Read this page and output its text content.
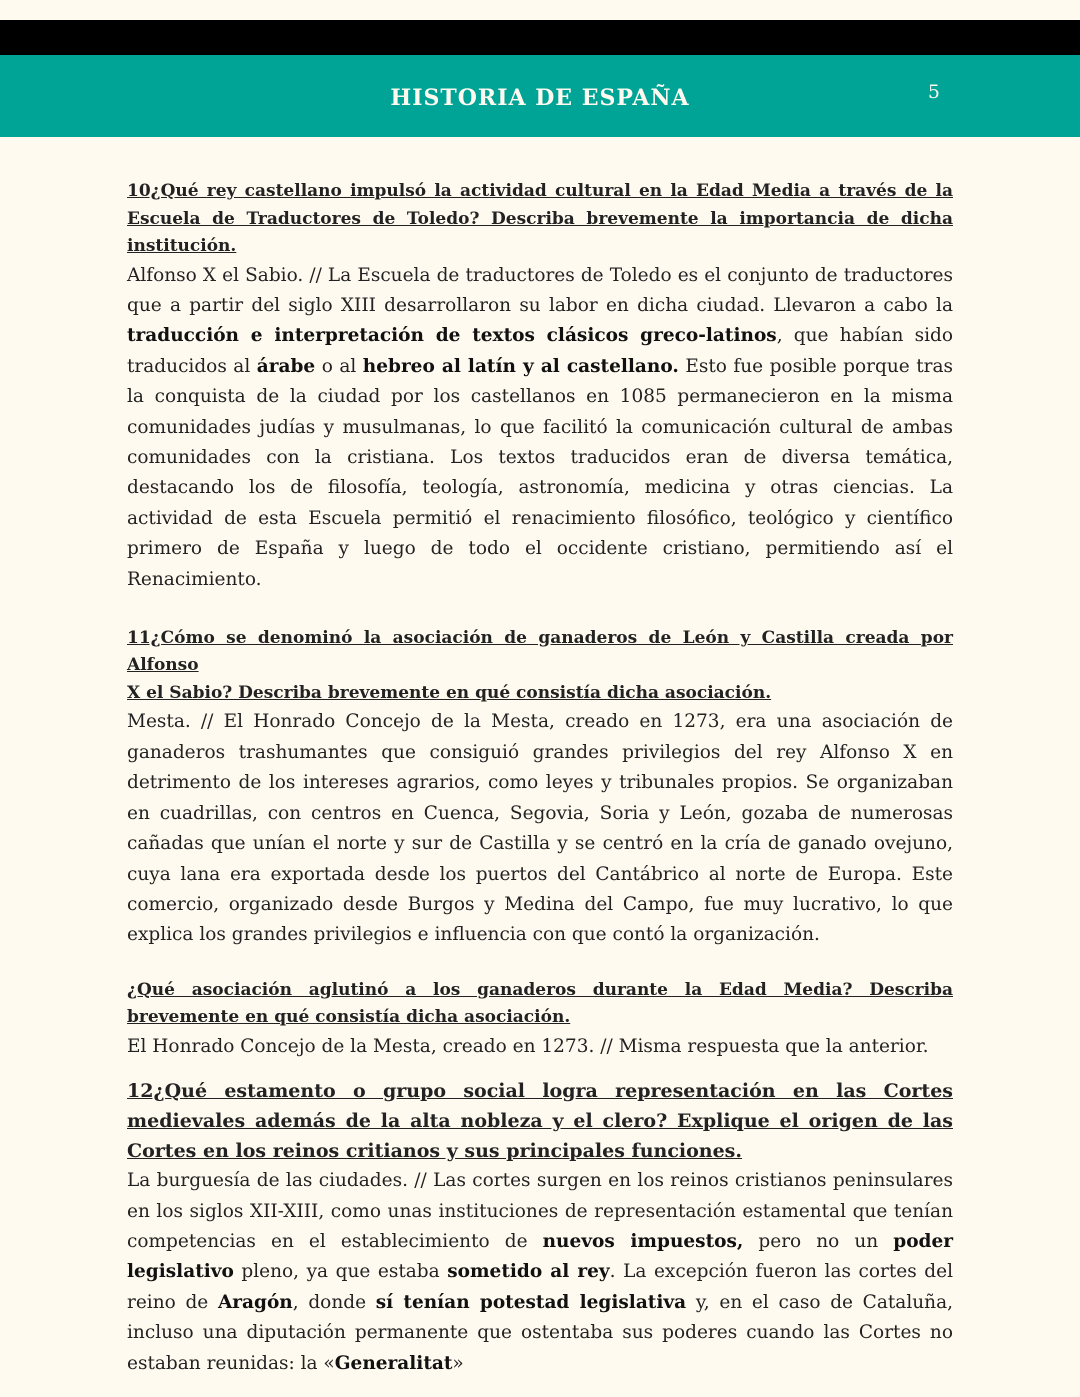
HISTORIA DE ESPAÑA	5

10¿Qué rey castellano impulsó la actividad cultural en la Edad Media a través de la Escuela de Traductores de Toledo? Describa brevemente la importancia de dicha institución.

Alfonso X el Sabio. // La Escuela de traductores de Toledo es el conjunto de traductores que a partir del siglo XIII desarrollaron su labor en dicha ciudad. Llevaron a cabo la traducción e interpretación de textos clásicos greco-latinos, que habían sido traducidos al árabe o al hebreo al latín y al castellano. Esto fue posible porque tras la conquista de la ciudad por los castellanos en 1085 permanecieron en la misma comunidades judías y musulmanas, lo que facilitó la comunicación cultural de ambas comunidades con la cristiana. Los textos traducidos eran de diversa temática, destacando los de filosofía, teología, astronomía, medicina y otras ciencias. La actividad de esta Escuela permitió el renacimiento filosófico, teológico y científico primero de España y luego de todo el occidente cristiano, permitiendo así el Renacimiento.

11¿Cómo se denominó la asociación de ganaderos de León y Castilla creada por Alfonso
X el Sabio? Describa brevemente en qué consistía dicha asociación.

Mesta. // El Honrado Concejo de la Mesta, creado en 1273, era una asociación de ganaderos trashumantes que consiguió grandes privilegios del rey Alfonso X en detrimento de los intereses agrarios, como leyes y tribunales propios. Se organizaban en cuadrillas, con centros en Cuenca, Segovia, Soria y León, gozaba de numerosas cañadas que unían el norte y sur de Castilla y se centró en la cría de ganado ovejuno, cuya lana era exportada desde los puertos del Cantábrico al norte de Europa. Este comercio, organizado desde Burgos y Medina del Campo, fue muy lucrativo, lo que explica los grandes privilegios e influencia con que contó la organización.

¿Qué asociación aglutinó a los ganaderos durante la Edad Media? Describa brevemente en qué consistía dicha asociación.

El Honrado Concejo de la Mesta, creado en 1273. // Misma respuesta que la anterior.

12¿Qué estamento o grupo social logra representación en las Cortes medievales además de la alta nobleza y el clero? Explique el origen de las Cortes en los reinos critianos y sus principales funciones.

La burguesía de las ciudades. // Las cortes surgen en los reinos cristianos peninsulares en los siglos XII-XIII, como unas instituciones de representación estamental que tenían competencias en el establecimiento de nuevos impuestos, pero no un poder legislativo pleno, ya que estaba sometido al rey. La excepción fueron las cortes del reino de Aragón, donde sí tenían potestad legislativa y, en el caso de Cataluña, incluso una diputación permanente que ostentaba sus poderes cuando las Cortes no estaban reunidas: la «Generalitat»
